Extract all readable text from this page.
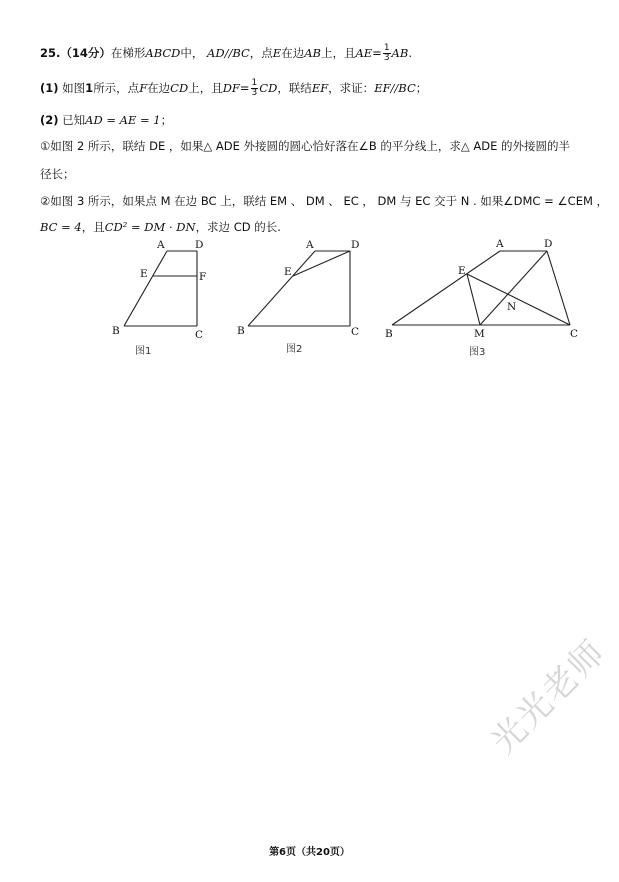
25.（14分）在梯形ABCD中， AD//BC，点E在边AB上，且$AE= \frac{1}{3}$ AB.
(1) 如图1所示，点F在边CD上，且$DF= \frac{1}{3}$ CD，联结EF，求证：EF//BC；
(2) 已知AD = AE = 1；
①如图 2 所示，联结 DE ，如果△ ADE 外接圆的圆心恰好落在∠B 的平分线上，求△ ADE 的外接圆的半
径长；
②如图 3 所示，如果点 M 在边 BC 上，联结 EM 、 DM 、 EC ， DM 与 EC 交于 N . 如果∠DMC = ∠CEM ，
BC = 4，且CD² = DM · DN，求边 CD 的长.
A	D
E	F
B	C
图1
A	D
E
B	C
图2
A	D
E
N
B	M	C
图3
光光老师
第6页（共20页）
